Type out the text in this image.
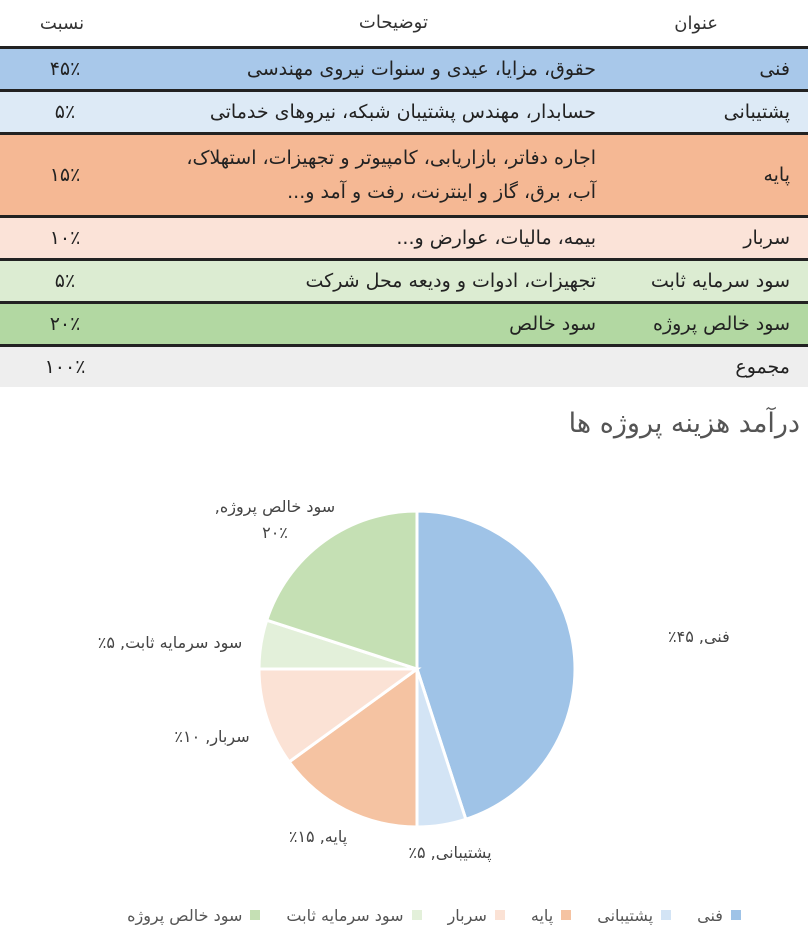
عنوان
توضیحات
نسبت
فنی
حقوق، مزایا، عیدی و سنوات نیروی مهندسی
۴۵٪
پشتیبانی
حسابدار، مهندس پشتیبان شبکه، نیروهای خدماتی
۵٪
پایه
اجاره دفاتر، بازاریابی، کامپیوتر و تجهیزات، استهلاک،
آب، برق، گاز و اینترنت، رفت و آمد و...
۱۵٪
سربار
بیمه، مالیات، عوارض و...
۱۰٪
سود سرمایه ثابت
تجهیزات، ادوات و ودیعه محل شرکت
۵٪
سود خالص پروژه
سود خالص
۲۰٪
مجموع
۱۰۰٪
درآمد هزینه پروژه ها
فنی, ۴۵٪
پشتیبانی, ۵٪
پایه, ۱۵٪
سربار, ۱۰٪
سود سرمایه ثابت, ۵٪
سود خالص پروژه, ۲۰٪
فنی
پشتیبانی
پایه
سربار
سود سرمایه ثابت
سود خالص پروژه
